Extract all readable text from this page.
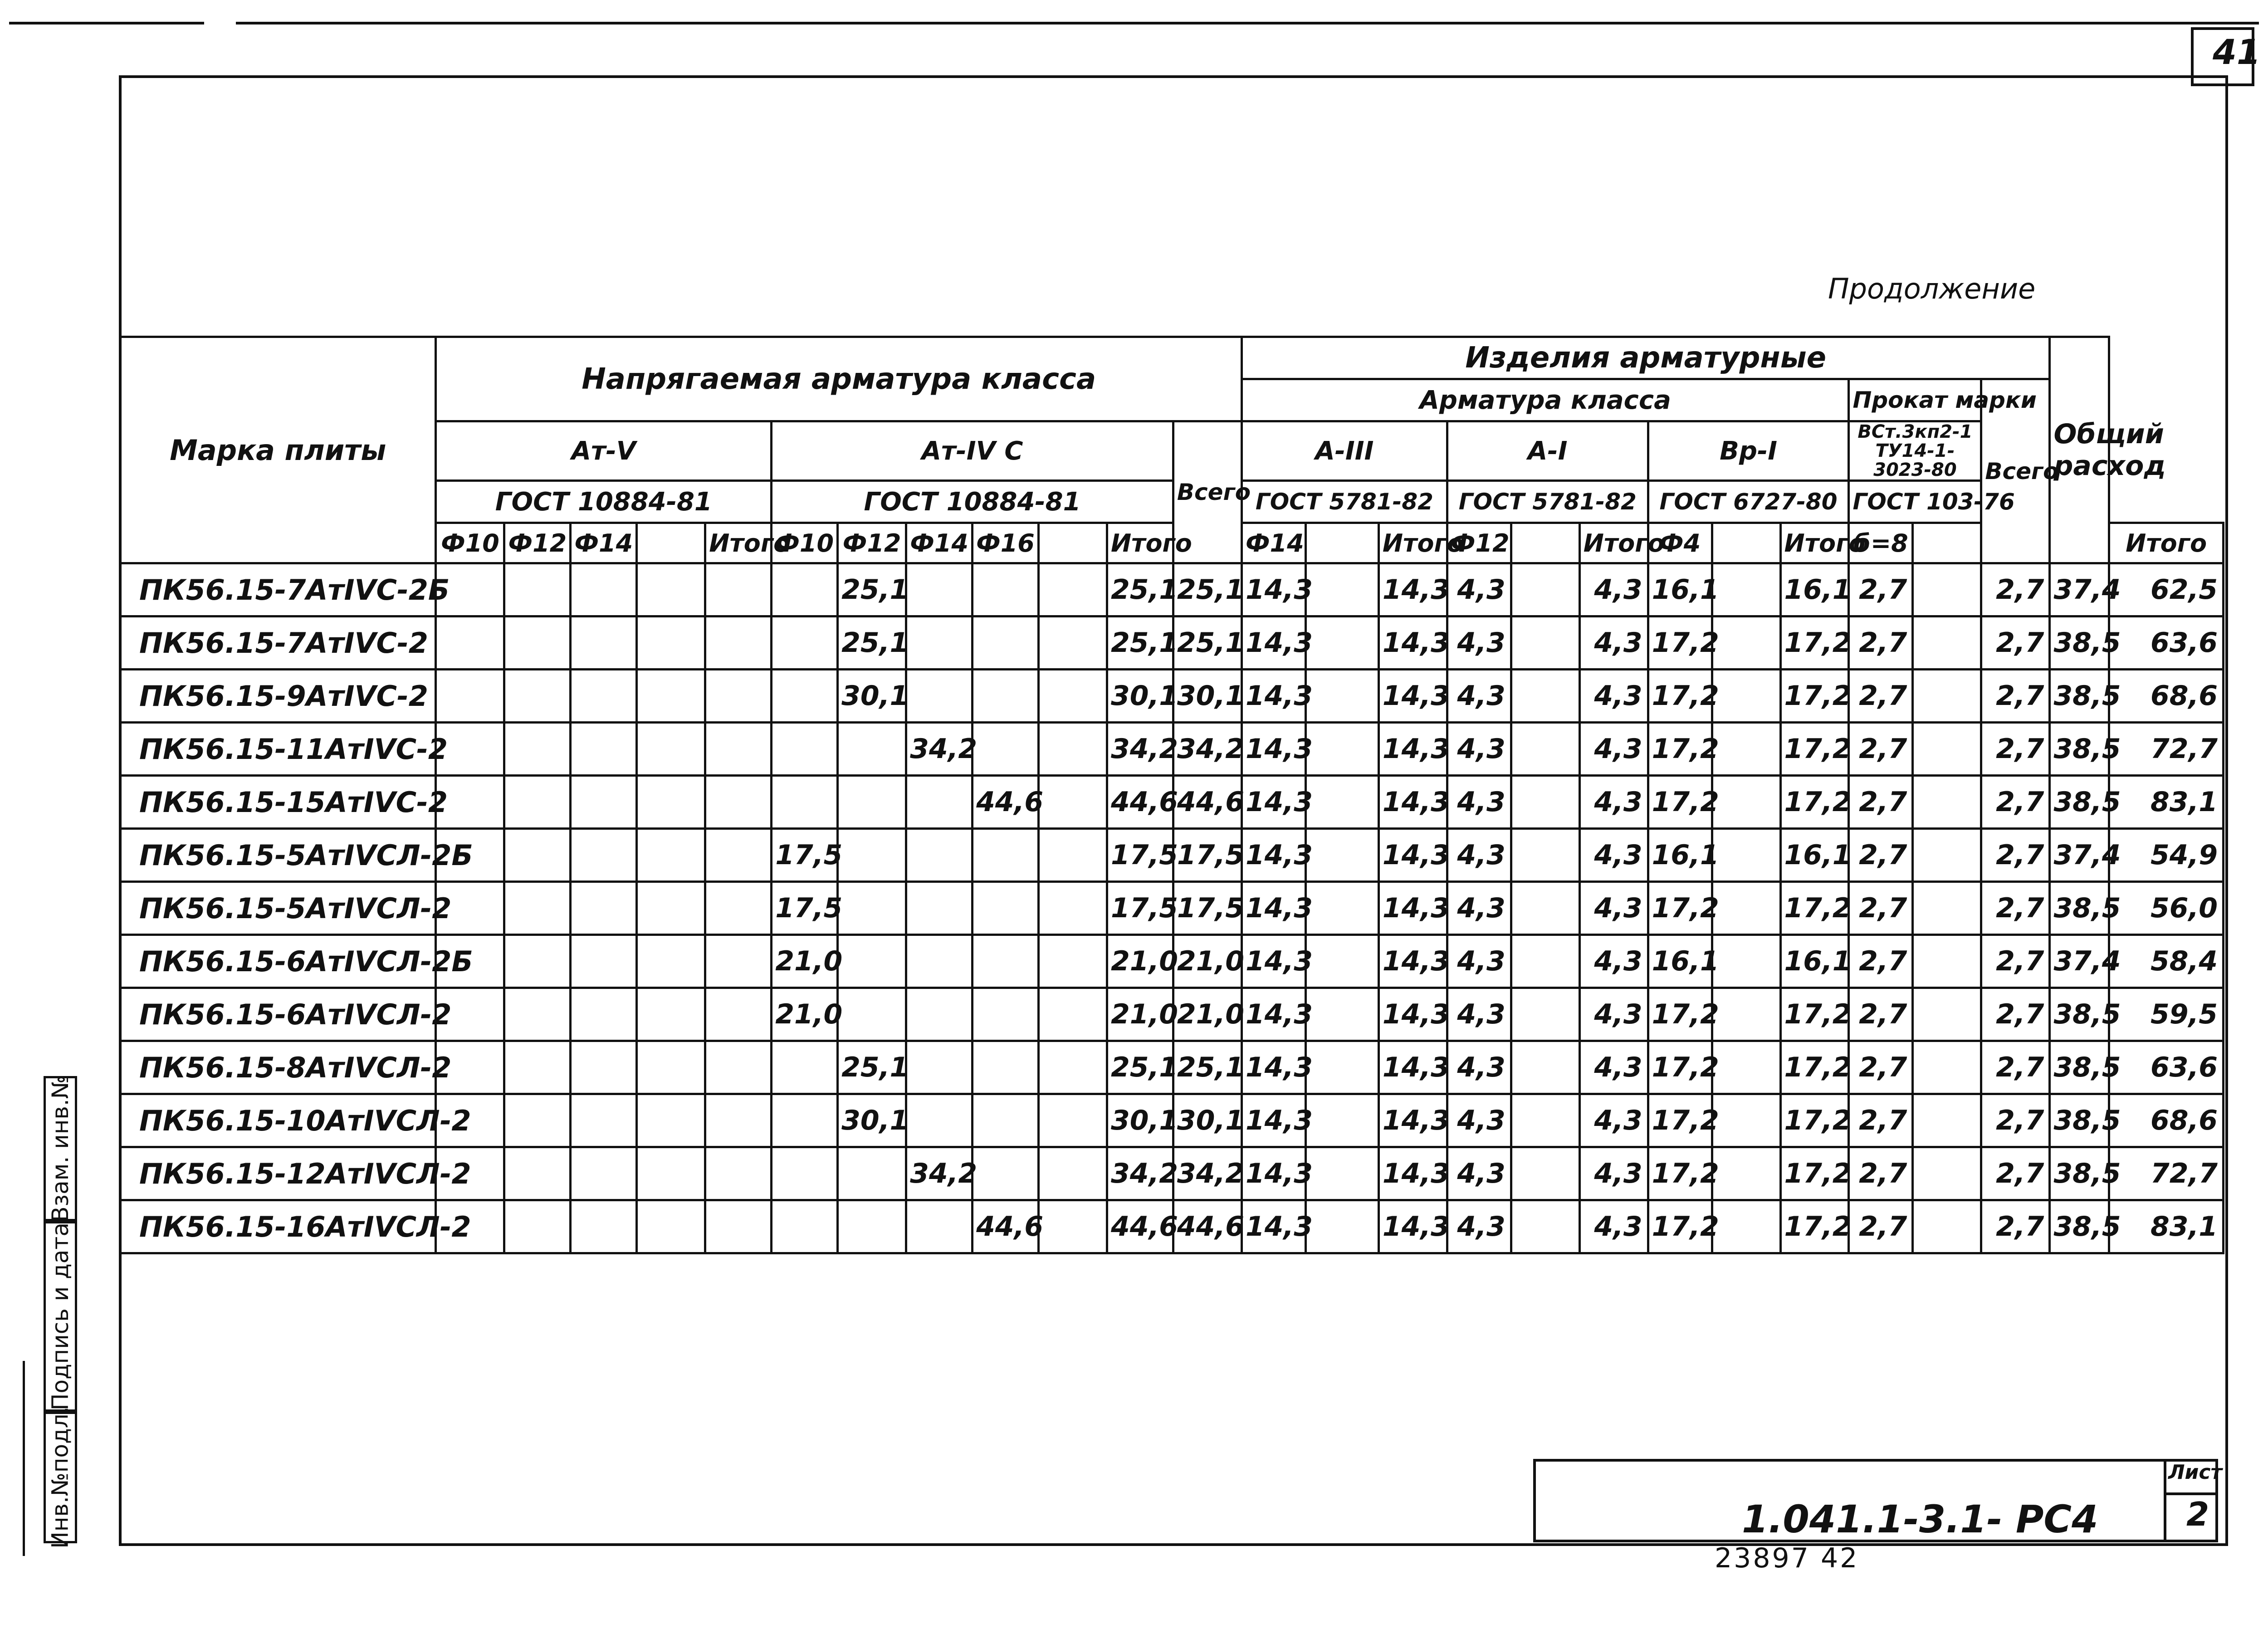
41
Продолжение
Марка плиты	Напрягаемая арматура класса												Изделия арматурные												Общий расход	
													Арматура класса									Прокат марки		Всего		
	Ат-V					Ат-IV С						Всего	А-III			А-I			Вр-I			ВСт.3кп2-1 ТУ14-1-3023-80				
	ГОСТ 10884-81					ГОСТ 10884-81							ГОСТ 5781-82			ГОСТ 5781-82			ГОСТ 6727-80			ГОСТ 103-76				
	Ф10	Ф12	Ф14		Итого	Ф10	Ф12	Ф14	Ф16		Итого		Ф14		Итого	Ф12		Итого	Ф4		Итого	б=8				Итого
ПК56.15-7АтIVС-2Б							25,1				25,1	25,1	14,3		14,3	4,3		4,3	16,1		16,1	2,7		2,7	37,4	62,5
ПК56.15-7АтIVС-2							25,1				25,1	25,1	14,3		14,3	4,3		4,3	17,2		17,2	2,7		2,7	38,5	63,6
ПК56.15-9АтIVС-2							30,1				30,1	30,1	14,3		14,3	4,3		4,3	17,2		17,2	2,7		2,7	38,5	68,6
ПК56.15-11АтIVС-2								34,2			34,2	34,2	14,3		14,3	4,3		4,3	17,2		17,2	2,7		2,7	38,5	72,7
ПК56.15-15АтIVС-2									44,6		44,6	44,6	14,3		14,3	4,3		4,3	17,2		17,2	2,7		2,7	38,5	83,1
ПК56.15-5АтIVСЛ-2Б						17,5					17,5	17,5	14,3		14,3	4,3		4,3	16,1		16,1	2,7		2,7	37,4	54,9
ПК56.15-5АтIVСЛ-2						17,5					17,5	17,5	14,3		14,3	4,3		4,3	17,2		17,2	2,7		2,7	38,5	56,0
ПК56.15-6АтIVСЛ-2Б						21,0					21,0	21,0	14,3		14,3	4,3		4,3	16,1		16,1	2,7		2,7	37,4	58,4
ПК56.15-6АтIVСЛ-2						21,0					21,0	21,0	14,3		14,3	4,3		4,3	17,2		17,2	2,7		2,7	38,5	59,5
ПК56.15-8АтIVСЛ-2							25,1				25,1	25,1	14,3		14,3	4,3		4,3	17,2		17,2	2,7		2,7	38,5	63,6
ПК56.15-10АтIVСЛ-2							30,1				30,1	30,1	14,3		14,3	4,3		4,3	17,2		17,2	2,7		2,7	38,5	68,6
ПК56.15-12АтIVСЛ-2								34,2			34,2	34,2	14,3		14,3	4,3		4,3	17,2		17,2	2,7		2,7	38,5	72,7
ПК56.15-16АтIVСЛ-2									44,6		44,6	44,6	14,3		14,3	4,3		4,3	17,2		17,2	2,7		2,7	38,5	83,1
Взам. инв.№
Подпись и дата
Инв.№подл.	1.041.1-3.1- РС4
Лист
2
23897 42
